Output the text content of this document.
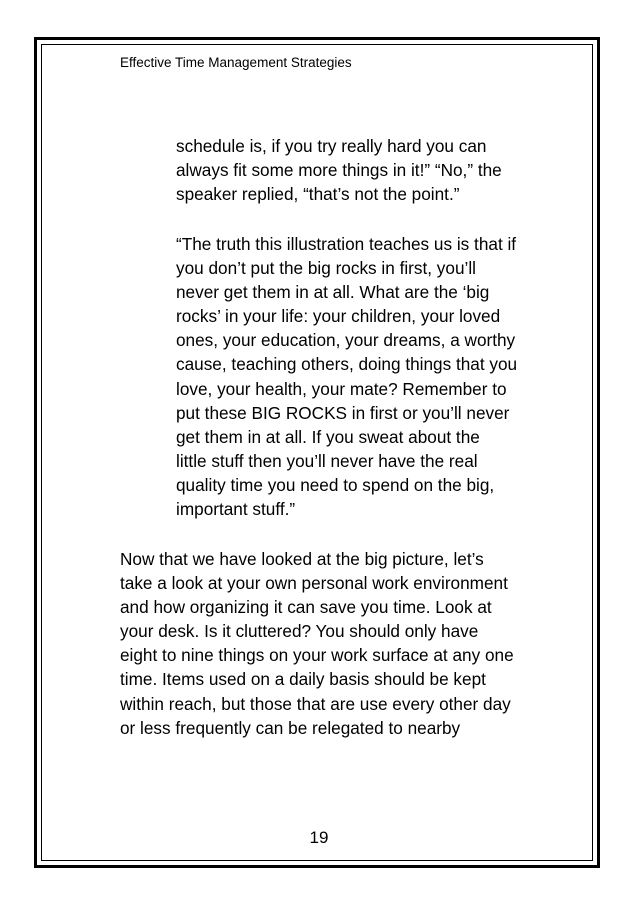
Effective Time Management Strategies
schedule is, if you try really hard you can
always fit some more things in it!” “No,” the
speaker replied, “that’s not the point.”
“The truth this illustration teaches us is that if
you don’t put the big rocks in first, you’ll
never get them in at all. What are the ‘big
rocks’ in your life: your children, your loved
ones, your education, your dreams, a worthy
cause, teaching others, doing things that you
love, your health, your mate? Remember to
put these BIG ROCKS in first or you’ll never
get them in at all. If you sweat about the
little stuff then you’ll never have the real
quality time you need to spend on the big,
important stuff.”
Now that we have looked at the big picture, let’s
take a look at your own personal work environment
and how organizing it can save you time. Look at
your desk. Is it cluttered? You should only have
eight to nine things on your work surface at any one
time. Items used on a daily basis should be kept
within reach, but those that are use every other day
or less frequently can be relegated to nearby
19
